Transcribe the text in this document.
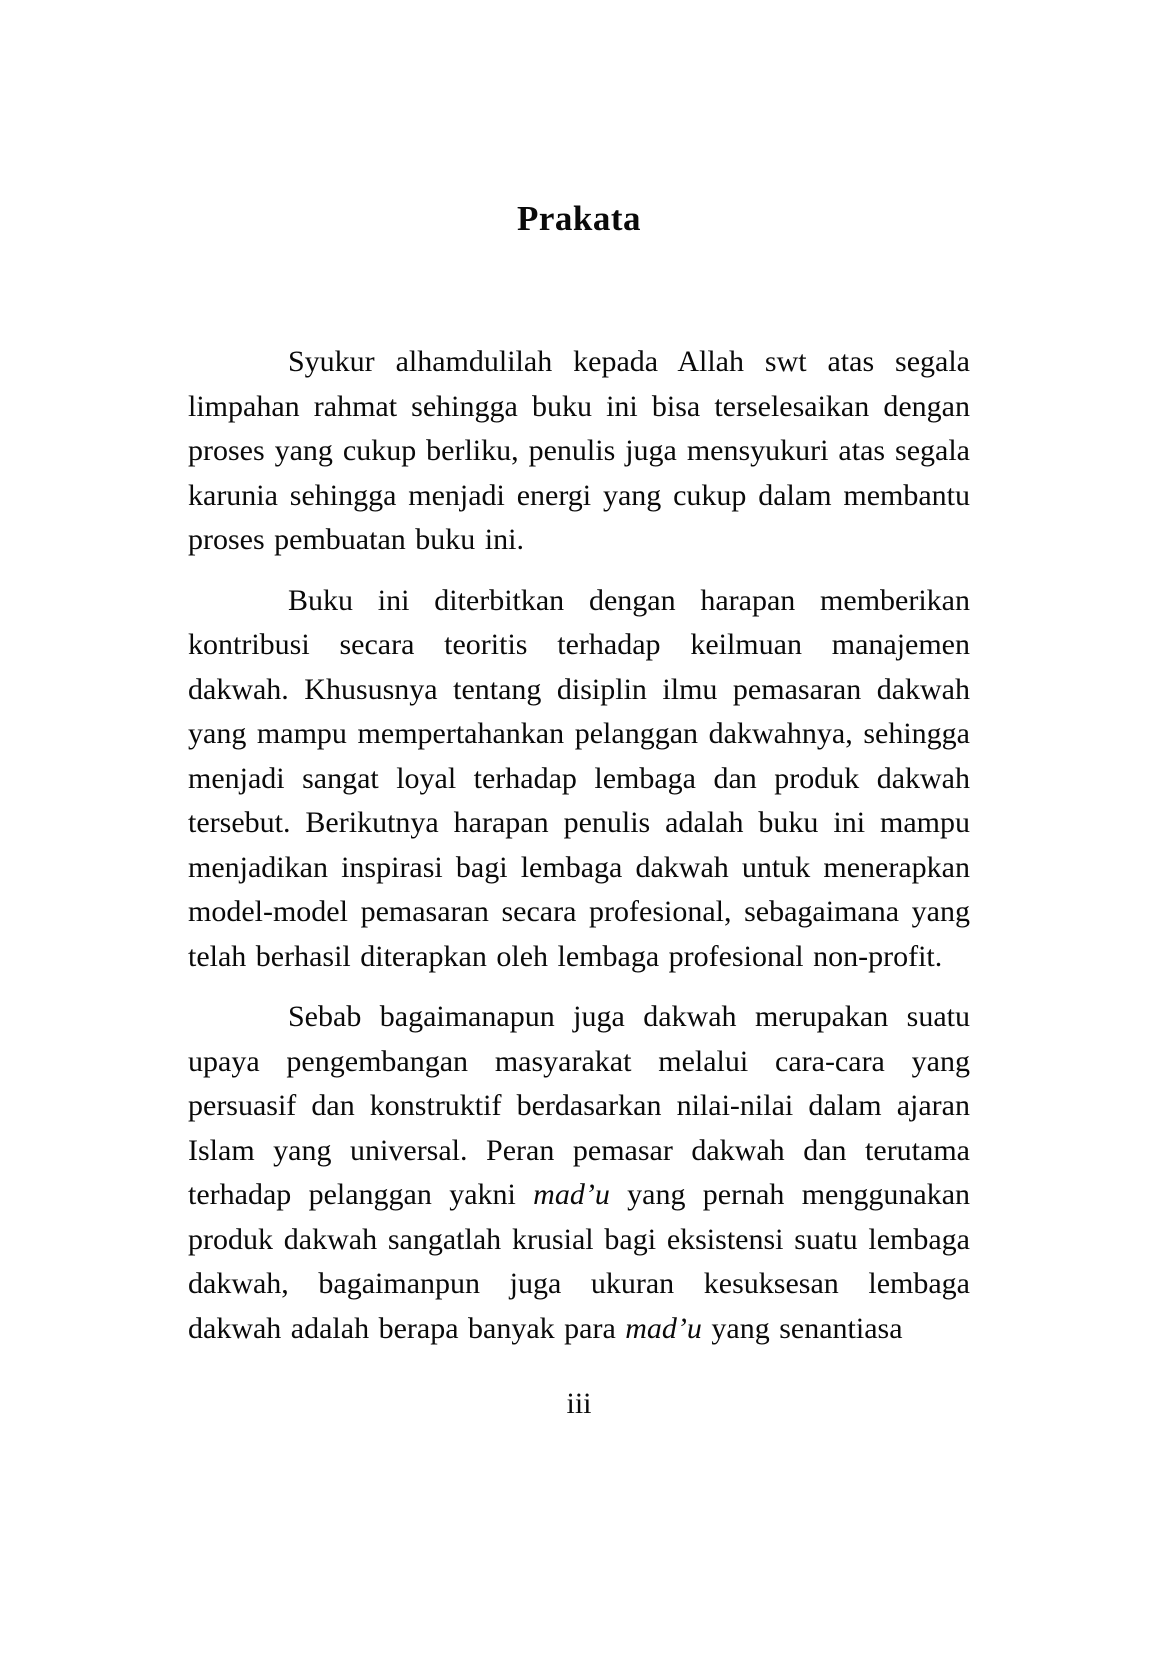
Prakata

Syukur alhamdulilah kepada Allah swt atas segala limpahan rahmat sehingga buku ini bisa terselesaikan dengan proses yang cukup berliku, penulis juga mensyukuri atas segala karunia sehingga menjadi energi yang cukup dalam membantu proses pembuatan buku ini.

Buku ini diterbitkan dengan harapan memberikan kontribusi secara teoritis terhadap keilmuan manajemen dakwah. Khususnya tentang disiplin ilmu pemasaran dakwah yang mampu mempertahankan pelanggan dakwahnya, sehingga menjadi sangat loyal terhadap lembaga dan produk dakwah tersebut. Berikutnya harapan penulis adalah buku ini mampu menjadikan inspirasi bagi lembaga dakwah untuk menerapkan model-model pemasaran secara profesional, sebagaimana yang telah berhasil diterapkan oleh lembaga profesional non-profit.

Sebab bagaimanapun juga dakwah merupakan suatu upaya pengembangan masyarakat melalui cara-cara yang persuasif dan konstruktif berdasarkan nilai-nilai dalam ajaran Islam yang universal. Peran pemasar dakwah dan terutama terhadap pelanggan yakni mad’u yang pernah menggunakan produk dakwah sangatlah krusial bagi eksistensi suatu lembaga dakwah, bagaimanpun juga ukuran kesuksesan lembaga dakwah adalah berapa banyak para mad’u yang senantiasa

iii
